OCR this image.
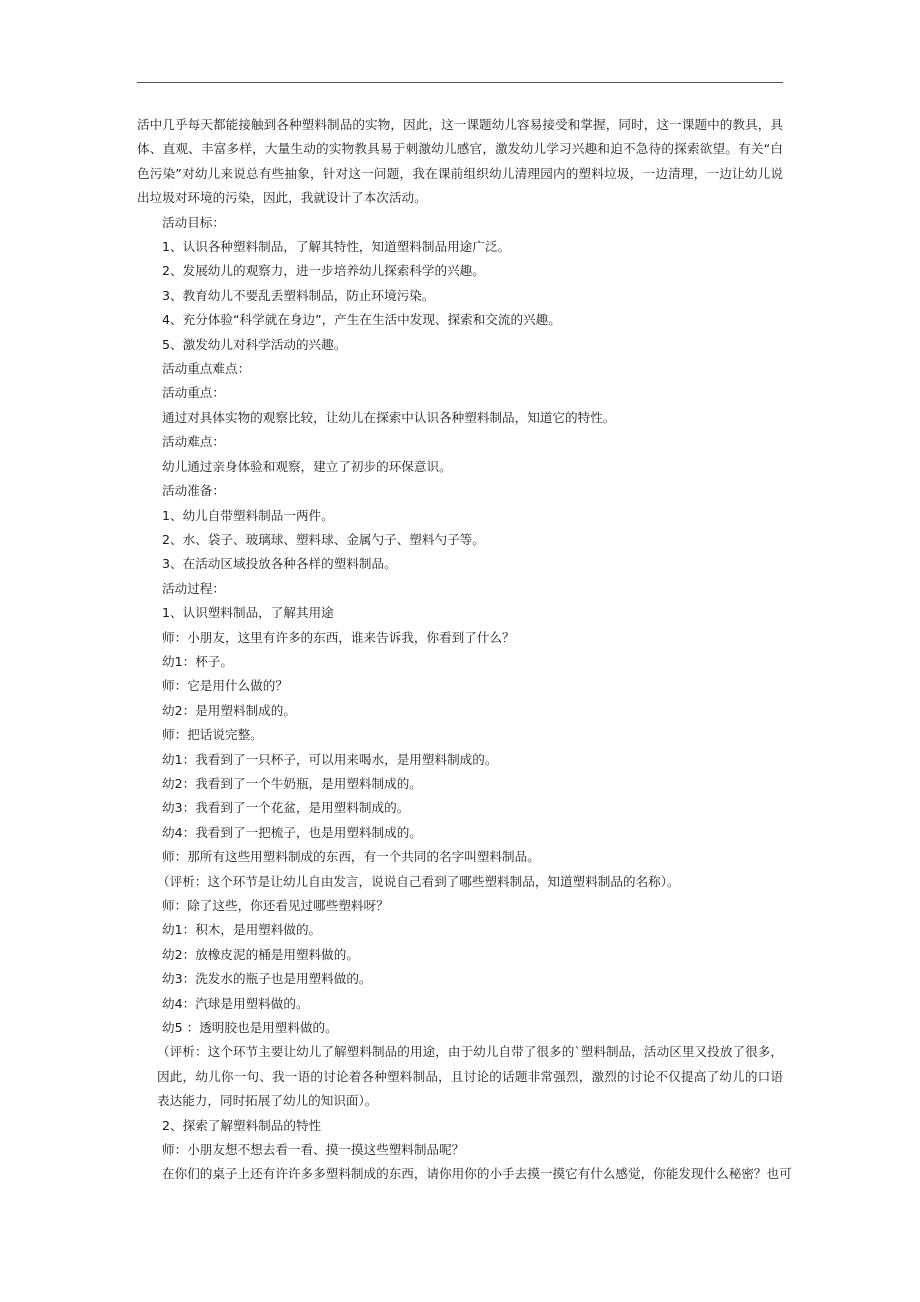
活中几乎每天都能接触到各种塑料制品的实物，因此，这一课题幼儿容易接受和掌握，同时，这一课题中的教具，具体、直观、丰富多样，大量生动的实物教具易于刺激幼儿感官，激发幼儿学习兴趣和迫不急待的探索欲望。有关“白色污染”对幼儿来说总有些抽象，针对这一问题，我在课前组织幼儿清理园内的塑料垃圾，一边清理，一边让幼儿说出垃圾对环境的污染，因此，我就设计了本次活动。

活动目标：

1、认识各种塑料制品，了解其特性，知道塑料制品用途广泛。

2、发展幼儿的观察力，进一步培养幼儿探索科学的兴趣。

3、教育幼儿不要乱丢塑料制品，防止环境污染。

4、充分体验“科学就在身边”，产生在生活中发现、探索和交流的兴趣。

5、激发幼儿对科学活动的兴趣。

活动重点难点：

活动重点：

通过对具体实物的观察比较，让幼儿在探索中认识各种塑料制品，知道它的特性。

活动难点：

幼儿通过亲身体验和观察，建立了初步的环保意识。

活动准备：

1、幼儿自带塑料制品一两件。

2、水、袋子、玻璃球、塑料球、金属勺子、塑料勺子等。

3、在活动区域投放各种各样的塑料制品。

活动过程：

1、认识塑料制品，了解其用途

师：小朋友，这里有许多的东西，谁来告诉我，你看到了什么？

幼1：杯子。

师：它是用什么做的？

幼2：是用塑料制成的。

师：把话说完整。

幼1：我看到了一只杯子，可以用来喝水，是用塑料制成的。

幼2：我看到了一个牛奶瓶，是用塑料制成的。

幼3：我看到了一个花盆，是用塑料制成的。

幼4：我看到了一把梳子，也是用塑料制成的。

师：那所有这些用塑料制成的东西，有一个共同的名字叫塑料制品。

（评析：这个环节是让幼儿自由发言，说说自己看到了哪些塑料制品，知道塑料制品的名称）。

师：除了这些，你还看见过哪些塑料呀？

幼1：积木，是用塑料做的。

幼2：放橡皮泥的桶是用塑料做的。

幼3：洗发水的瓶子也是用塑料做的。

幼4：汽球是用塑料做的。

幼5 ：透明胶也是用塑料做的。

（评析：这个环节主要让幼儿了解塑料制品的用途，由于幼儿自带了很多的`塑料制品，活动区里又投放了很多，因此，幼儿你一句、我一语的讨论着各种塑料制品，且讨论的话题非常强烈，激烈的讨论不仅提高了幼儿的口语表达能力，同时拓展了幼儿的知识面）。

2、探索了解塑料制品的特性

师：小朋友想不想去看一看、摸一摸这些塑料制品呢？

在你们的桌子上还有许许多多塑料制成的东西，请你用你的小手去摸一摸它有什么感觉，你能发现什么秘密？也可
